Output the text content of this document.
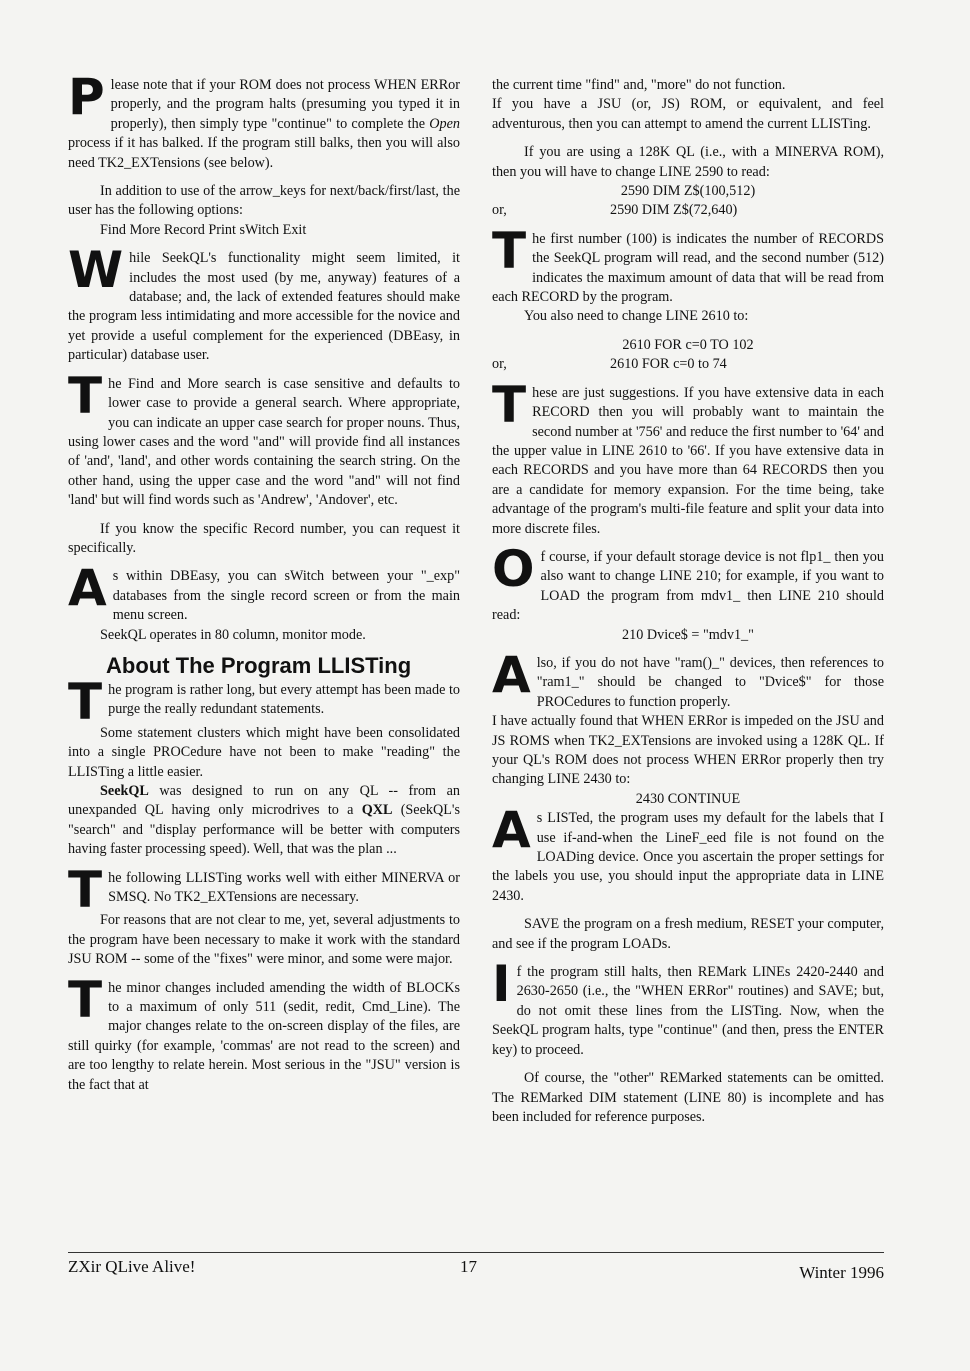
Please note that if your ROM does not process WHEN ERRor properly, and the program halts (presuming you typed it in properly), then simply type "continue" to complete the Open process if it has balked. If the program still balks, then you will also need TK2_EXTensions (see below).

In addition to use of the arrow_keys for next/back/first/last, the user has the following options:

Find More Record Print sWitch Exit

While SeekQL's functionality might seem limited, it includes the most used (by me, anyway) features of a database; and, the lack of extended features should make the program less intimidating and more accessible for the novice and yet provide a useful complement for the experienced (DBEasy, in particular) database user.

The Find and More search is case sensitive and defaults to lower case to provide a general search. Where appropriate, you can indicate an upper case search for proper nouns. Thus, using lower cases and the word "and" will provide find all instances of 'and', 'land', and other words containing the search string. On the other hand, using the upper case and the word "and" will not find 'land' but will find words such as 'Andrew', 'Andover', etc.

If you know the specific Record number, you can request it specifically.

As within DBEasy, you can sWitch between your "_exp" databases from the single record screen or from the main menu screen.

SeekQL operates in 80 column, monitor mode.

About The Program LLISTing

The program is rather long, but every attempt has been made to purge the really redundant statements.

Some statement clusters which might have been consolidated into a single PROCedure have not been to make "reading" the LLISTing a little easier.

SeekQL was designed to run on any QL -- from an unexpanded QL having only microdrives to a QXL (SeekQL's "search" and "display performance will be better with computers having faster processing speed). Well, that was the plan ...

The following LLISTing works well with either MINERVA or SMSQ. No TK2_EXTensions are necessary.

For reasons that are not clear to me, yet, several adjustments to the program have been necessary to make it work with the standard JSU ROM -- some of the "fixes" were minor, and some were major.

The minor changes included amending the width of BLOCKs to a maximum of only 511 (sedit, redit, Cmd_Line). The major changes relate to the on-screen display of the files, are still quirky (for example, 'commas' are not read to the screen) and are too lengthy to relate herein. Most serious in the "JSU" version is the fact that at

the current time "find" and, "more" do not function.

If you have a JSU (or, JS) ROM, or equivalent, and feel adventurous, then you can attempt to amend the current LLISTing.

If you are using a 128K QL (i.e., with a MINERVA ROM), then you will have to change LINE 2590 to read:

2590 DIM Z$(100,512)

or,	2590 DIM Z$(72,640)

The first number (100) is indicates the number of RECORDS the SeekQL program will read, and the second number (512) indicates the maximum amount of data that will be read from each RECORD by the program.

You also need to change LINE 2610 to:

2610 FOR c=0 TO 102

or,	2610 FOR c=0 to 74

These are just suggestions. If you have extensive data in each RECORD then you will probably want to maintain the second number at '756' and reduce the first number to '64' and the upper value in LINE 2610 to '66'. If you have extensive data in each RECORDS and you have more than 64 RECORDS then you are a candidate for memory expansion. For the time being, take advantage of the program's multi-file feature and split your data into more discrete files.

Of course, if your default storage device is not flp1_ then you also want to change LINE 210; for example, if you want to LOAD the program from mdv1_ then LINE 210 should read:

210 Dvice$ = "mdv1_"

Also, if you do not have "ram()_" devices, then references to "ram1_" should be changed to "Dvice$" for those PROCedures to function properly.

I have actually found that WHEN ERRor is impeded on the JSU and JS ROMS when TK2_EXTensions are invoked using a 128K QL. If your QL's ROM does not process WHEN ERRor properly then try changing LINE 2430 to:

2430 CONTINUE

As LISTed, the program uses my default for the labels that I use if-and-when the LineF_eed file is not found on the LOADing device. Once you ascertain the proper settings for the labels you use, you should input the appropriate data in LINE 2430.

SAVE the program on a fresh medium, RESET your computer, and see if the program LOADs.

If the program still halts, then REMark LINEs 2420-2440 and 2630-2650 (i.e., the "WHEN ERRor" routines) and SAVE; but, do not omit these lines from the LISTing. Now, when the SeekQL program halts, type "continue" (and then, press the ENTER key) to proceed.

Of course, the "other" REMarked statements can be omitted. The REMarked DIM statement (LINE 80) is incomplete and has been included for reference purposes.

ZXir QLive Alive!	17	Winter 1996
